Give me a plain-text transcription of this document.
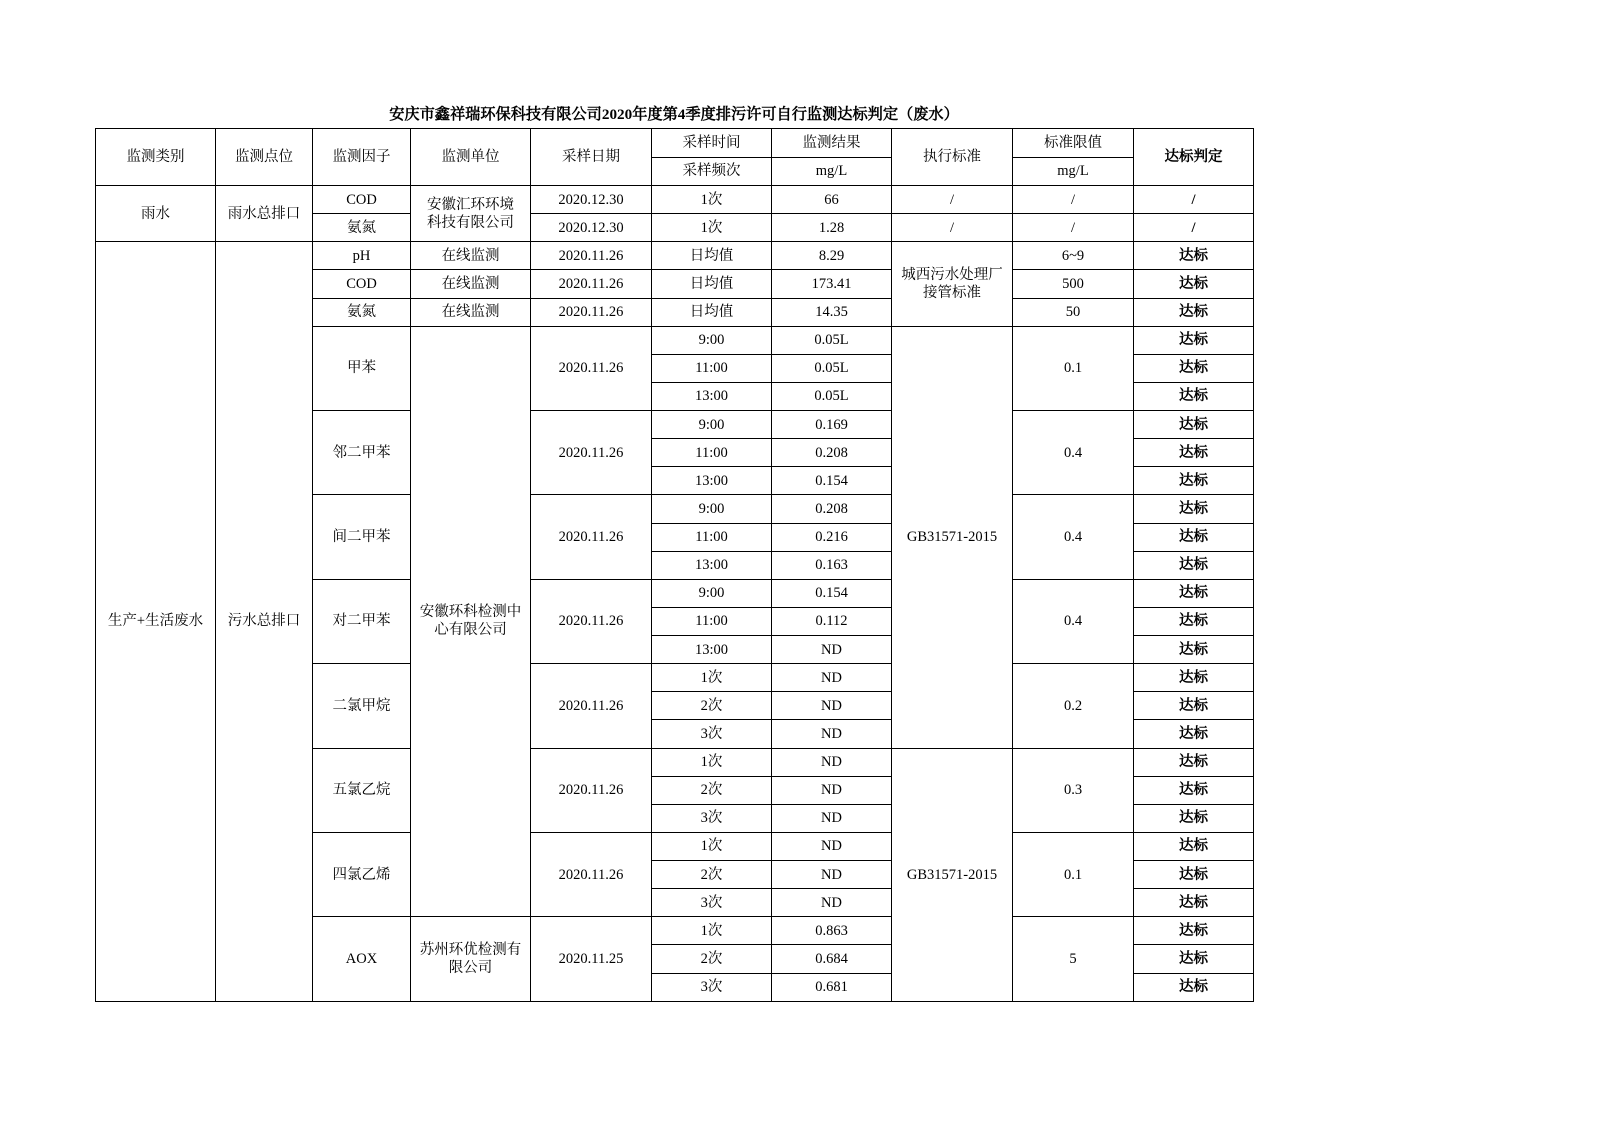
安庆市鑫祥瑞环保科技有限公司2020年度第4季度排污许可自行监测达标判定（废水）
监测类别	监测点位	监测因子	监测单位	采样日期	采样时间	监测结果	执行标准	标准限值	达标判定
					采样频次	mg/L		mg/L	
雨水	雨水总排口	COD	安徽汇环环境科技有限公司	2020.12.30	1次	66	/	/	/
		氨氮		2020.12.30	1次	1.28	/	/	/
生产+生活废水	污水总排口	pH	在线监测	2020.11.26	日均值	8.29	城西污水处理厂接管标准	6~9	达标
		COD	在线监测	2020.11.26	日均值	173.41		500	达标
		氨氮	在线监测	2020.11.26	日均值	14.35		50	达标
		甲苯	安徽环科检测中心有限公司	2020.11.26	9:00	0.05L	GB31571-2015	0.1	达标
					11:00	0.05L			达标
					13:00	0.05L			达标
		邻二甲苯		2020.11.26	9:00	0.169		0.4	达标
					11:00	0.208			达标
					13:00	0.154			达标
		间二甲苯		2020.11.26	9:00	0.208		0.4	达标
					11:00	0.216			达标
					13:00	0.163			达标
		对二甲苯		2020.11.26	9:00	0.154		0.4	达标
					11:00	0.112			达标
					13:00	ND			达标
		二氯甲烷		2020.11.26	1次	ND		0.2	达标
					2次	ND			达标
					3次	ND			达标
		五氯乙烷		2020.11.26	1次	ND	GB31571-2015	0.3	达标
					2次	ND			达标
					3次	ND			达标
		四氯乙烯		2020.11.26	1次	ND		0.1	达标
					2次	ND			达标
					3次	ND			达标
		AOX	苏州环优检测有限公司	2020.11.25	1次	0.863		5	达标
					2次	0.684			达标
					3次	0.681			达标
